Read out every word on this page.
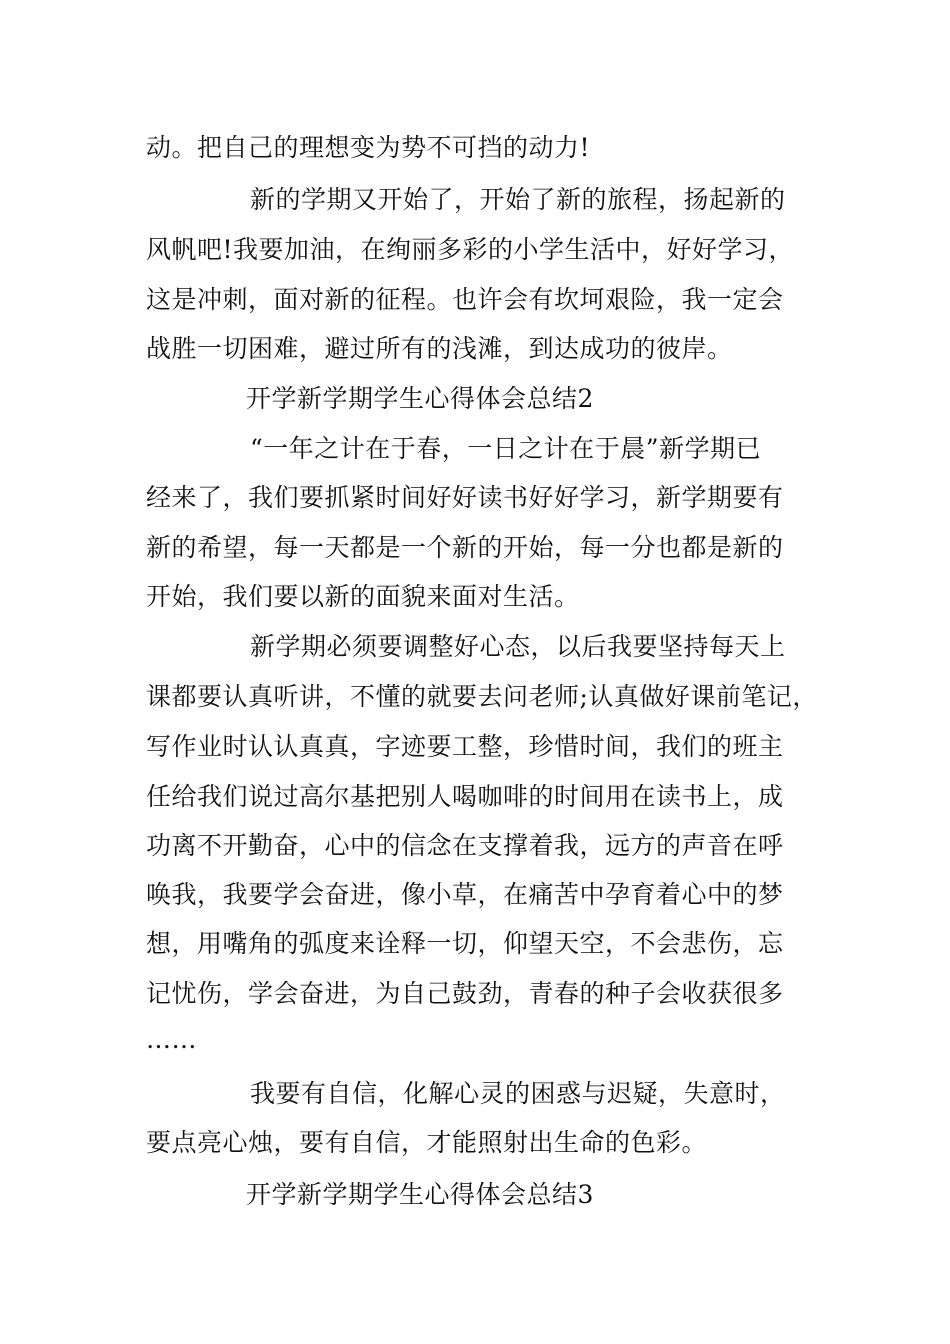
动。把自己的理想变为势不可挡的动力!
新的学期又开始了，开始了新的旅程，扬起新的
风帆吧!我要加油，在绚丽多彩的小学生活中，好好学习，
这是冲刺，面对新的征程。也许会有坎坷艰险，我一定会
战胜一切困难，避过所有的浅滩，到达成功的彼岸。
开学新学期学生心得体会总结2
“一年之计在于春，一日之计在于晨”新学期已
经来了，我们要抓紧时间好好读书好好学习，新学期要有
新的希望，每一天都是一个新的开始，每一分也都是新的
开始，我们要以新的面貌来面对生活。
新学期必须要调整好心态，以后我要坚持每天上
课都要认真听讲，不懂的就要去问老师;认真做好课前笔记，
写作业时认认真真，字迹要工整，珍惜时间，我们的班主
任给我们说过高尔基把别人喝咖啡的时间用在读书上，成
功离不开勤奋，心中的信念在支撑着我，远方的声音在呼
唤我，我要学会奋进，像小草，在痛苦中孕育着心中的梦
想，用嘴角的弧度来诠释一切，仰望天空，不会悲伤，忘
记忧伤，学会奋进，为自己鼓劲，青春的种子会收获很多
……
我要有自信，化解心灵的困惑与迟疑，失意时，
要点亮心烛，要有自信，才能照射出生命的色彩。
开学新学期学生心得体会总结3
